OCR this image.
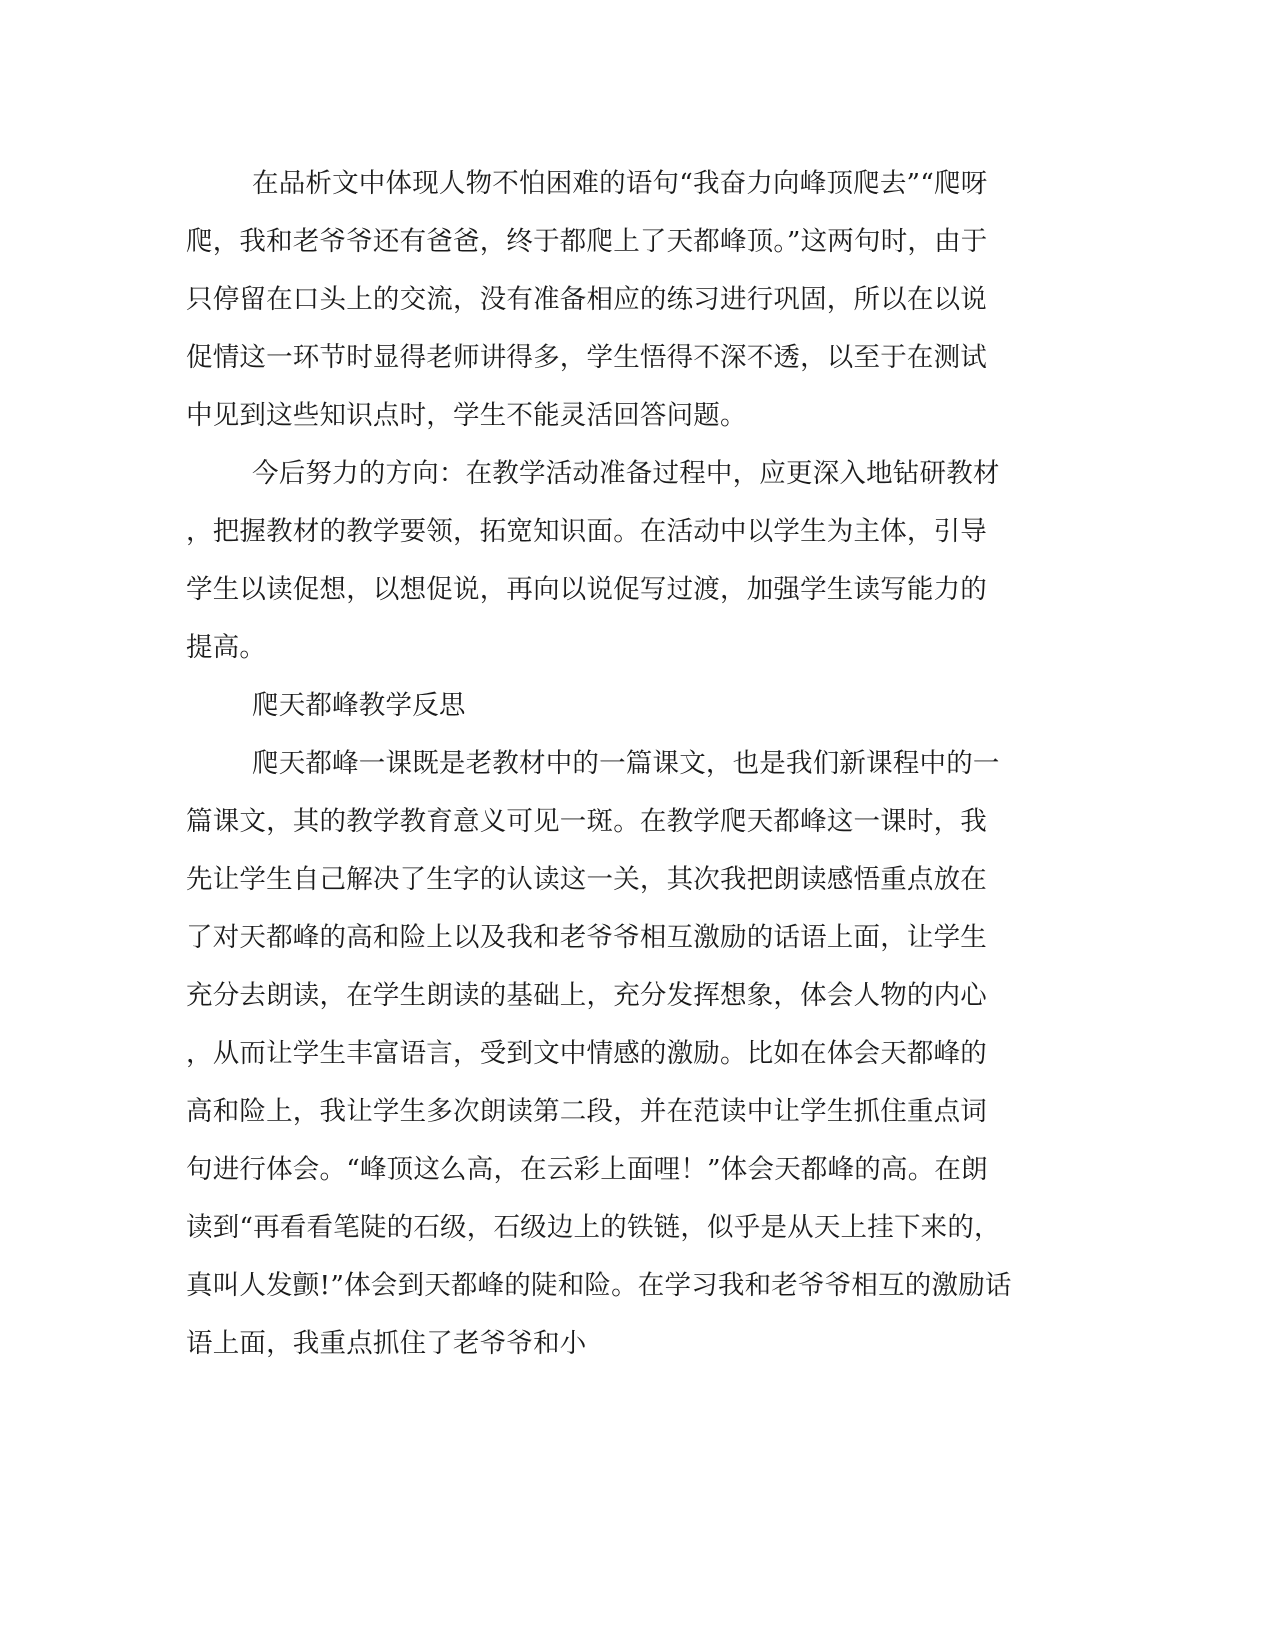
在品析文中体现人物不怕困难的语句“我奋力向峰顶爬去”“爬呀
爬，我和老爷爷还有爸爸，终于都爬上了天都峰顶。”这两句时，由于
只停留在口头上的交流，没有准备相应的练习进行巩固，所以在以说
促情这一环节时显得老师讲得多，学生悟得不深不透，以至于在测试
中见到这些知识点时，学生不能灵活回答问题。
今后努力的方向：在教学活动准备过程中，应更深入地钻研教材
，把握教材的教学要领，拓宽知识面。在活动中以学生为主体，引导
学生以读促想，以想促说，再向以说促写过渡，加强学生读写能力的
提高。
爬天都峰教学反思
爬天都峰一课既是老教材中的一篇课文，也是我们新课程中的一
篇课文，其的教学教育意义可见一斑。在教学爬天都峰这一课时，我
先让学生自己解决了生字的认读这一关，其次我把朗读感悟重点放在
了对天都峰的高和险上以及我和老爷爷相互激励的话语上面，让学生
充分去朗读，在学生朗读的基础上，充分发挥想象，体会人物的内心
，从而让学生丰富语言，受到文中情感的激励。比如在体会天都峰的
高和险上，我让学生多次朗读第二段，并在范读中让学生抓住重点词
句进行体会。“峰顶这么高，在云彩上面哩！”体会天都峰的高。在朗
读到“再看看笔陡的石级，石级边上的铁链，似乎是从天上挂下来的，
真叫人发颤!”体会到天都峰的陡和险。在学习我和老爷爷相互的激励话
语上面，我重点抓住了老爷爷和小
